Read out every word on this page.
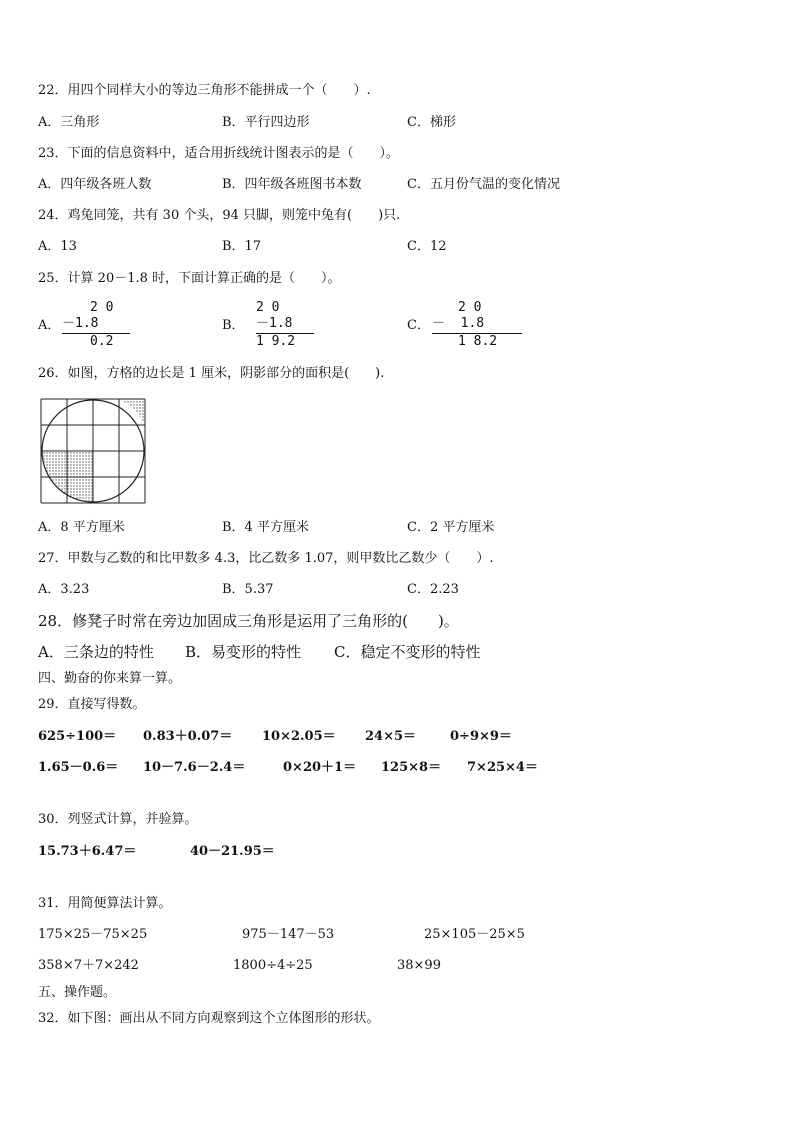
22．用四个同样大小的等边三角形不能拼成一个（　　）.
A．三角形	B．平行四边形	C．梯形
23．下面的信息资料中，适合用折线统计图表示的是（　　）。
A．四年级各班人数	B．四年级各班图书本数	C．五月份气温的变化情况
24．鸡兔同笼，共有 30 个头，94 只脚，则笼中兔有(　　)只.
A．13	B．17	C．12
25．计算 20－1.8 时，下面计算正确的是（　　）。
A．
2 0
－1.8
0.2
B．
2 0
－1.8
1 9.2
C．
2 0
－  1.8
1 8.2
26．如图，方格的边长是 1 厘米，阴影部分的面积是(　　).
A．8 平方厘米	B．4 平方厘米	C．2 平方厘米
27．甲数与乙数的和比甲数多 4.3，比乙数多 1.07，则甲数比乙数少（　　）.
A．3.23	B．5.37	C．2.23
28．修凳子时常在旁边加固成三角形是运用了三角形的(　　)。
A．三条边的特性 B．易变形的特性 C．稳定不变形的特性
四、勤奋的你来算一算。
29．直接写得数。
625÷100＝ 0.83＋0.07＝ 10×2.05＝ 24×5＝	0÷9×9＝
1.65－0.6＝ 10－7.6－2.4＝	0×20＋1＝ 125×8＝ 7×25×4＝
30．列竖式计算，并验算。
15.73＋6.47＝	40－21.95＝
31．用简便算法计算。
175×25－75×25	975－147－53	25×105－25×5
358×7＋7×242	1800÷4÷25	38×99
五、操作题。
32．如下图：画出从不同方向观察到这个立体图形的形状。
